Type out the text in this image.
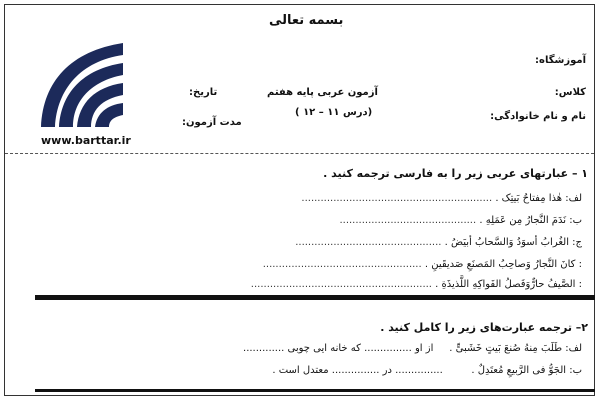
بسمه تعالی
آموزشگاه:
کلاس:
نام و نام خانوادگی:
آزمون عربی پایه هفتم
(درس ۱۱ – ۱۲ )
تاریخ:
مدت آزمون:
www.barttar.ir
۱ – عبارتهای عربی زیر را به فارسی ترجمه کنید .
لف: هٰذا مِفتاحُ بَیتِک . ............................................................
ب: نَدَمَ النَّجارُ مِن عَمَلِهِ . ...........................................
ج: الغُرابُ أسوَدُ وَالسَّحابُ أبیَضُ . ..............................................
: کانَ النَّجارُ وَصاحِبُ المَصنَعِ صَدیقَینِ . ..................................................
: الصَّیفُ حارٌّوَفَصلُ الفَواکِهِ اللَّذیذَةِ . .........................................................
۲– ترجمه عبارت‌های زیر را کامل کنید .
لف: طَلَبَ مِنهُ صُنعَ بَیتٍ خَشَبیٍّ .     از او ............... که خانه ایی چوبی .............
ب: الجَوُّ فی الرَّبیعِ مُعتَدِلٌ .         ............... در ............... معتدل است .
